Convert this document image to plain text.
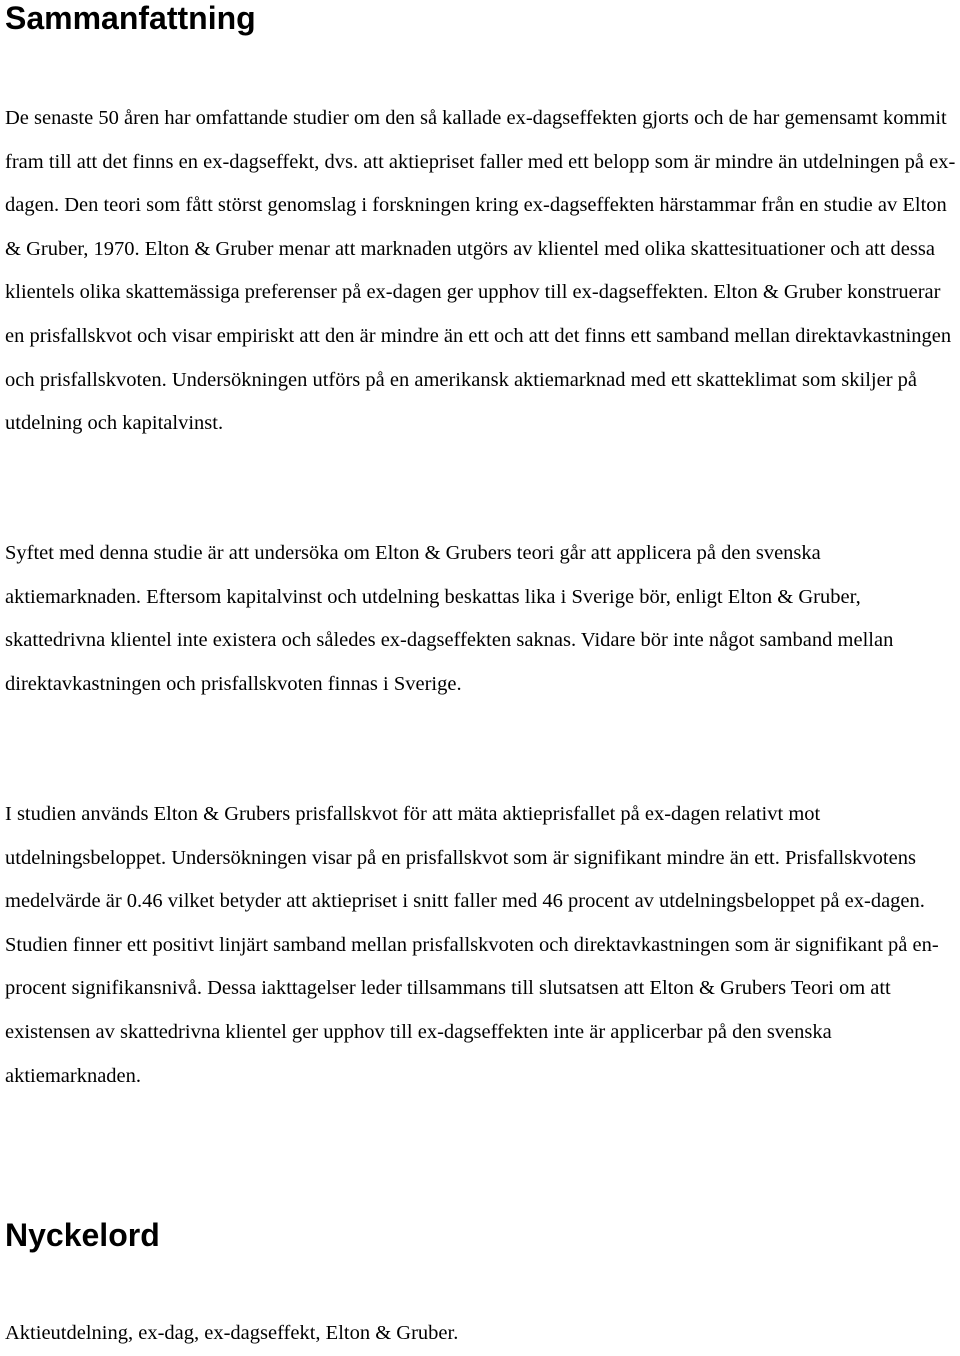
Sammanfattning

De senaste 50 åren har omfattande studier om den så kallade ex-dagseffekten gjorts och de har gemensamt kommit fram till att det finns en ex-dagseffekt, dvs. att aktiepriset faller med ett belopp som är mindre än utdelningen på ex-dagen. Den teori som fått störst genomslag i forskningen kring ex-dagseffekten härstammar från en studie av Elton & Gruber, 1970. Elton & Gruber menar att marknaden utgörs av klientel med olika skattesituationer och att dessa klientels olika skattemässiga preferenser på ex-dagen ger upphov till ex-dagseffekten. Elton & Gruber konstruerar en prisfallskvot och visar empiriskt att den är mindre än ett och att det finns ett samband mellan direktavkastningen och prisfallskvoten. Undersökningen utförs på en amerikansk aktiemarknad med ett skatteklimat som skiljer på utdelning och kapitalvinst.

Syftet med denna studie är att undersöka om Elton & Grubers teori går att applicera på den svenska aktiemarknaden. Eftersom kapitalvinst och utdelning beskattas lika i Sverige bör, enligt Elton & Gruber, skattedrivna klientel inte existera och således ex-dagseffekten saknas. Vidare bör inte något samband mellan direktavkastningen och prisfallskvoten finnas i Sverige.

I studien används Elton & Grubers prisfallskvot för att mäta aktieprisfallet på ex-dagen relativt mot utdelningsbeloppet. Undersökningen visar på en prisfallskvot som är signifikant mindre än ett. Prisfallskvotens medelvärde är 0.46 vilket betyder att aktiepriset i snitt faller med 46 procent av utdelningsbeloppet på ex-dagen. Studien finner ett positivt linjärt samband mellan prisfallskvoten och direktavkastningen som är signifikant på en-procent signifikansnivå. Dessa iakttagelser leder tillsammans till slutsatsen att Elton & Grubers Teori om att existensen av skattedrivna klientel ger upphov till ex-dagseffekten inte är applicerbar på den svenska aktiemarknaden.

Nyckelord

Aktieutdelning, ex-dag, ex-dagseffekt, Elton & Gruber.
